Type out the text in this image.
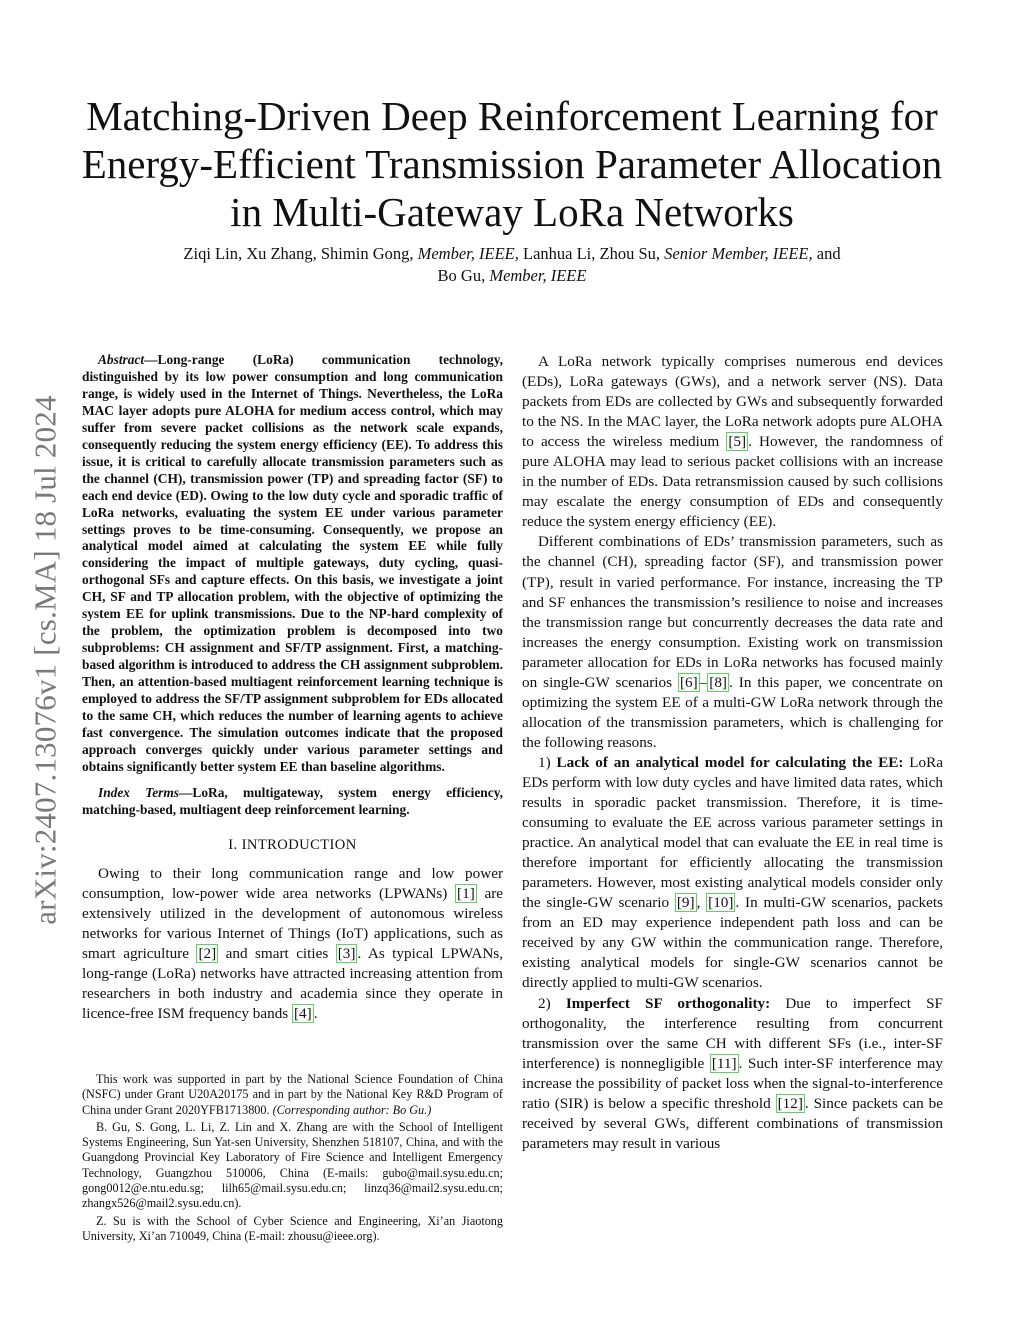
arXiv:2407.13076v1 [cs.MA] 18 Jul 2024
Matching-Driven Deep Reinforcement Learning for
Energy-Efficient Transmission Parameter Allocation
in Multi-Gateway LoRa Networks
Ziqi Lin, Xu Zhang, Shimin Gong, Member, IEEE, Lanhua Li, Zhou Su, Senior Member, IEEE, and
Bo Gu, Member, IEEE

Abstract—Long-range (LoRa) communication technology, distinguished by its low power consumption and long communication range, is widely used in the Internet of Things. Nevertheless, the LoRa MAC layer adopts pure ALOHA for medium access control, which may suffer from severe packet collisions as the network scale expands, consequently reducing the system energy efficiency (EE). To address this issue, it is critical to carefully allocate transmission parameters such as the channel (CH), transmission power (TP) and spreading factor (SF) to each end device (ED). Owing to the low duty cycle and sporadic traffic of LoRa networks, evaluating the system EE under various parameter settings proves to be time-consuming. Consequently, we propose an analytical model aimed at calculating the system EE while fully considering the impact of multiple gateways, duty cycling, quasi-orthogonal SFs and capture effects. On this basis, we investigate a joint CH, SF and TP allocation problem, with the objective of optimizing the system EE for uplink transmissions. Due to the NP-hard complexity of the problem, the optimization problem is decomposed into two subproblems: CH assignment and SF/TP assignment. First, a matching-based algorithm is introduced to address the CH assignment subproblem. Then, an attention-based multiagent reinforcement learning technique is employed to address the SF/TP assignment subproblem for EDs allocated to the same CH, which reduces the number of learning agents to achieve fast convergence. The simulation outcomes indicate that the proposed approach converges quickly under various parameter settings and obtains significantly better system EE than baseline algorithms.

Index Terms—LoRa, multigateway, system energy efficiency, matching-based, multiagent deep reinforcement learning.

I. INTRODUCTION

Owing to their long communication range and low power consumption, low-power wide area networks (LPWANs) [1] are extensively utilized in the development of autonomous wireless networks for various Internet of Things (IoT) applications, such as smart agriculture [2] and smart cities [3] . As typical LPWANs, long-range (LoRa) networks have attracted increasing attention from researchers in both industry and academia since they operate in licence-free ISM frequency bands [4] .

This work was supported in part by the National Science Foundation of China (NSFC) under Grant U20A20175 and in part by the National Key R&D Program of China under Grant 2020YFB1713800. (Corresponding author: Bo Gu.)

B. Gu, S. Gong, L. Li, Z. Lin and X. Zhang are with the School of Intelligent Systems Engineering, Sun Yat-sen University, Shenzhen 518107, China, and with the Guangdong Provincial Key Laboratory of Fire Science and Intelligent Emergency Technology, Guangzhou 510006, China (E-mails: gubo@mail.sysu.edu.cn; gong0012@e.ntu.edu.sg; lilh65@mail.sysu.edu.cn; linzq36@mail2.sysu.edu.cn; zhangx526@mail2.sysu.edu.cn).

Z. Su is with the School of Cyber Science and Engineering, Xi’an Jiaotong University, Xi’an 710049, China (E-mail: zhousu@ieee.org).

A LoRa network typically comprises numerous end devices (EDs), LoRa gateways (GWs), and a network server (NS). Data packets from EDs are collected by GWs and subsequently forwarded to the NS. In the MAC layer, the LoRa network adopts pure ALOHA to access the wireless medium [5] . However, the randomness of pure ALOHA may lead to serious packet collisions with an increase in the number of EDs. Data retransmission caused by such collisions may escalate the energy consumption of EDs and consequently reduce the system energy efficiency (EE).

Different combinations of EDs’ transmission parameters, such as the channel (CH), spreading factor (SF), and transmission power (TP), result in varied performance. For instance, increasing the TP and SF enhances the transmission’s resilience to noise and increases the transmission range but concurrently decreases the data rate and increases the energy consumption. Existing work on transmission parameter allocation for EDs in LoRa networks has focused mainly on single-GW scenarios [6] – [8] . In this paper, we concentrate on optimizing the system EE of a multi-GW LoRa network through the allocation of the transmission parameters, which is challenging for the following reasons.

1) Lack of an analytical model for calculating the EE: LoRa EDs perform with low duty cycles and have limited data rates, which results in sporadic packet transmission. Therefore, it is time-consuming to evaluate the EE across various parameter settings in practice. An analytical model that can evaluate the EE in real time is therefore important for efficiently allocating the transmission parameters. However, most existing analytical models consider only the single-GW scenario [9] , [10] . In multi-GW scenarios, packets from an ED may experience independent path loss and can be received by any GW within the communication range. Therefore, existing analytical models for single-GW scenarios cannot be directly applied to multi-GW scenarios.

2) Imperfect SF orthogonality: Due to imperfect SF orthogonality, the interference resulting from concurrent transmission over the same CH with different SFs (i.e., inter-SF interference) is nonnegligible [11] . Such inter-SF interference may increase the possibility of packet loss when the signal-to-interference ratio (SIR) is below a specific threshold [12] . Since packets can be received by several GWs, different combinations of transmission parameters may result in various
